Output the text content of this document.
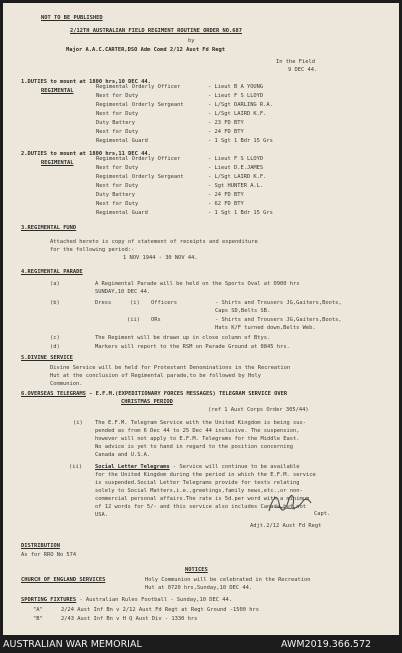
NOT TO BE PUBLISHED
2/12TH AUSTRALIAN FIELD REGIMENT ROUTINE ORDER NO.687
by
Major A.A.C.CARTER,DSO Adm Comd 2/12 Aust Fd Regt
In the Field
9 DEC 44.
1.DUTIES to mount at 1800 hrs,10 DEC 44.
REGIMENTAL
Regimental Orderly Officer	- Lieut B A YOUNG
Next for Duty	- Lieut F S LLOYD
Regimental Orderly Sergeant	- L/Sgt DARLING R.A.
Next for Duty	- L/Sgt LAIRD K.F.
Duty Battery	- 23 FD BTY
Next for Duty	- 24 FD BTY
Regimental Guard	- 1 Sgt 1 Bdr 15 Grs
2.DUTIES to mount at 1800 hrs,11 DEC 44.
REGIMENTAL
Regimental Orderly Officer	- Lieut F S LLOYD
Next for Duty	- Lieut D.E.JAMES
Regimental Orderly Sergeant	- L/Sgt LAIRD K.F.
Next for Duty	- Sgt HUNTER A.L.
Duty Battery	- 24 FD BTY
Next for Duty	- 62 FD BTY
Regimental Guard	- 1 Sgt 1 Bdr 15 Grs
3.REGIMENTAL FUND
Attached hereto is copy of statement of receipts and expenditure
for the following period:-
1 NOV 1944 - 30 NOV 44.
4.REGIMENTAL PARADE
(a)	A Regimental Parade will be held on the Sports Oval at 0900 hrs
SUNDAY,10 DEC 44.
(b)	Dress	(i) Officers	- Shirts and Trousers JG,Gaiters,Boots,
Caps SD,Belts SB.
(ii) ORs	- Shirts and Trousers JG,Gaiters,Boots,
Hats K/F turned down,Belts Web.
(c)	The Regiment will be drawn up in close column of Btys.
(d)	Markers will report to the RSM on Parade Ground at 0845 hrs.
5.DIVINE SERVICE
Divine Service will be held for Protestant Denominations in the Recreation
Hut at the conclusion of Regimental parade,to be followed by Holy
Communion.
6.OVERSEAS TELEGRAMS - E.F.M.(EXPEDITIONARY FORCES MESSAGES) TELEGRAM SERVICE OVER
CHRISTMAS PERIOD
(ref 1 Aust Corps Order 305/44)
(i) The E.F.M. Telegram Service with the United Kingdom is being sus-
pended as from 6 Dec 44 to 25 Dec 44 inclusive. The suspension,
however will not apply to E.F.M. Telegrams for the Middle East.
No advice is yet to hand in regard to the position concerning
Canada and U.S.A.
(ii) Social Letter Telegrams - Service will continue to be available
for the United Kingdom during the period in which the E.F.M. service
is suspended.Social Letter Telegrams provide for texts relating
solely to Social Matters,i.e.,greetings,family news,etc.,or non-
commercial personal affairs.The rate is 5d.per word with a minimum
of 12 words for 5/- and this service also includes Canada,but not
USA.	Capt.
Adjt.2/12 Aust Fd Regt
DISTRIBUTION
As for RRO No 574
NOTICES
CHURCH OF ENGLAND SERVICES	Holy Communion will be celebrated in the Recreation
Hut at 0720 hrs,Sunday,10 DEC 44.
SPORTING FIXTURES - Australian Rules Football - Sunday,10 DEC 44.
"A"	2/24 Aust Inf Bn v 2/12 Aust Fd Regt at Regt Ground -1500 hrs
"B"	2/43 Aust Inf Bn v H Q Aust Div - 1330 hrs
AUSTRALIAN WAR MEMORIAL	AWM2019.366.572
